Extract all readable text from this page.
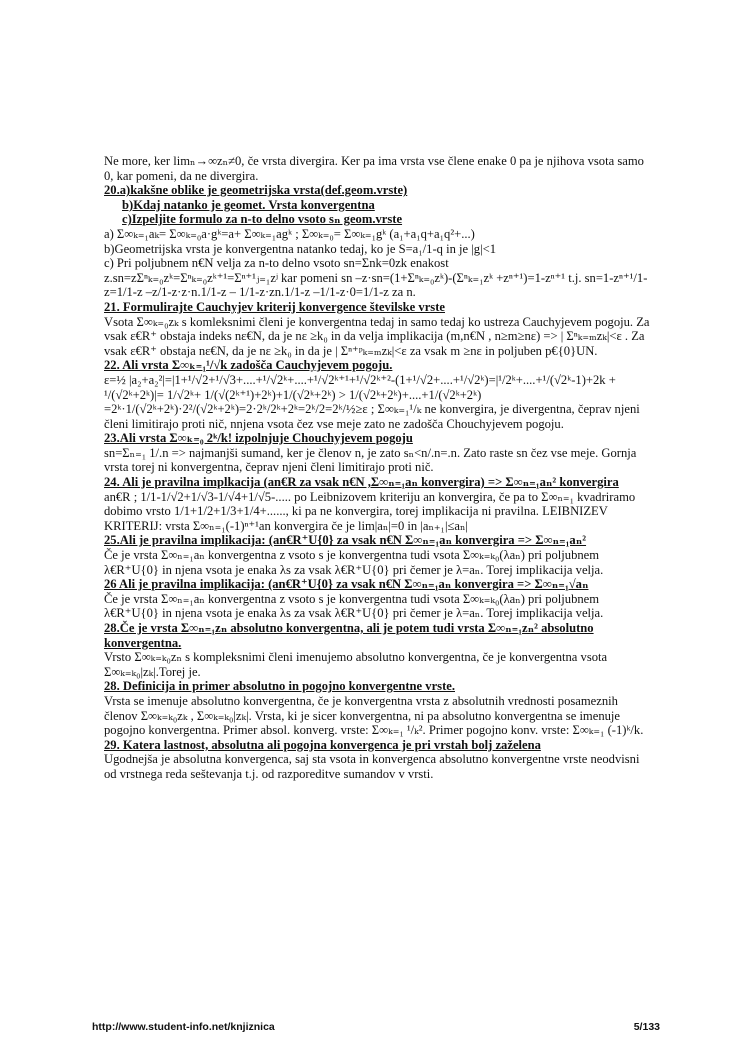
Ne more, ker limₙ→∞zₙ≠0, če vrsta divergira. Ker pa ima vrsta vse člene enake 0 pa je njihova vsota samo 0, kar pomeni, da ne divergira.

20.a)kakšne oblike je geometrijska vrsta(def.geom.vrste)

b)Kdaj natanko je geomet. Vrsta konvergentna

c)Izpeljite formulo za n-to delno vsoto sₙ geom.vrste

a) Σ∞ₖ₌₁aₖ= Σ∞ₖ₌₀a·gᵏ=a+ Σ∞ₖ₌₁agᵏ ; Σ∞ₖ₌₀= Σ∞ₖ₌₁gᵏ (a₁+a₁q+a₁q²+...)

b)Geometrijska vrsta je konvergentna natanko tedaj, ko je S=a₁/1-q in je |g|<1

c) Pri poljubnem n€N velja za n-to delno vsoto sn=Σnk=0zk enakost

z.sn=zΣⁿₖ₌₀zᵏ=Σⁿₖ₌₀zᵏ⁺¹=Σⁿ⁺¹ⱼ₌₁zʲ kar pomeni sn –z·sn=(1+Σⁿₖ₌₀zᵏ)-(Σⁿₖ₌₁zᵏ +zⁿ⁺¹)=1-zⁿ⁺¹ t.j. sn=1-zⁿ⁺¹/1-z=1/1-z –z/1-z·z·n.1/1-z – 1/1-z·zn.1/1-z –1/1-z·0=1/1-z za n.

21. Formulirajte Cauchyjev kriterij konvergence številske vrste

Vsota Σ∞ₖ₌₀zₖ s komleksnimi členi je konvergentna tedaj in samo tedaj ko ustreza Cauchyjevem pogoju. Za vsak ε€R⁺ obstaja indeks nε€N, da je nε ≥k₀ in da velja implikacija (m,n€N , n≥m≥nε) => | Σⁿₖ₌ₘzₖ|<ε . Za vsak ε€R⁺ obstaja nε€N, da je nε ≥k₀ in da je | Σⁿ⁺ᵖₖ₌ₘzₖ|<ε za vsak m ≥nε in poljuben p€{0}UN.

22. Ali vrsta Σ∞ₖ₌₁¹/√k zadošča Cauchyjevem pogoju.

ε=½ |a₂+a₂²|=|1+¹/√2+¹/√3+....+¹/√2ᵏ+....+¹/√2ᵏ⁺¹+¹/√2ᵏ⁺²-(1+¹/√2+....+¹/√2ᵏ)=|¹/2ᵏ+....+¹/(√2ᵏ-1)+2k + ¹/(√2ᵏ+2ᵏ)|= 1/√2ᵏ+ 1/(√(2ᵏ⁺¹)+2ᵏ)+1/(√2ᵏ+2ᵏ) > 1/(√2ᵏ+2ᵏ)+....+1/(√2ᵏ+2ᵏ) =2ᵏ·1/(√2ᵏ+2ᵏ)·2²/(√2ᵏ+2ᵏ)=2·2ᵏ/2ᵏ+2ᵏ=2ᵏ/2=2ᵏ/½≥ε ; Σ∞ₖ₌₁¹/ₖ ne konvergira, je divergentna, čeprav njeni členi limitirajo proti nič, nnjena vsota čez vse meje zato ne zadošča Chouchyjevem pogoju.

23.Ali vrsta Σ∞ₖ₌₀ 2ᵏ/k! izpolnjuje Chouchyjevem pogoju

sn=Σₙ₌₁ 1/.n => najmanjši sumand, ker je členov n, je zato sₙ<n/.n=.n. Zato raste sn čez vse meje. Gornja vrsta torej ni konvergentna, čeprav njeni členi limitirajo proti nič.

24. Ali je pravilna implkacija (an€R za vsak n€N ,Σ∞ₙ₌₁aₙ konvergira) => Σ∞ₙ₌₁aₙ² konvergira

an€R ; 1/1-1/√2+1/√3-1/√4+1/√5-..... po Leibnizovem kriteriju an konvergira, če pa to Σ∞ₙ₌₁ kvadriramo dobimo vrsto 1/1+1/2+1/3+1/4+......, ki pa ne konvergira, torej implikacija ni pravilna. LEIBNIZEV KRITERIJ: vrsta Σ∞ₙ₌₁(-1)ⁿ⁺¹an konvergira če je lim|aₙ|=0 in |aₙ₊₁|≤aₙ|

25.Ali je pravilna implikacija: (an€R⁺U{0} za vsak n€N Σ∞ₙ₌₁aₙ konvergira => Σ∞ₙ₌₁aₙ²

Če je vrsta Σ∞ₙ₌₁aₙ konvergentna z vsoto s je konvergentna tudi vsota Σ∞ₖ₌ₖ₀(λaₙ) pri poljubnem λ€R⁺U{0} in njena vsota je enaka λs za vsak λ€R⁺U{0} pri čemer je λ=aₙ. Torej implikacija velja.

26 Ali je pravilna implikacija: (an€R⁺U{0} za vsak n€N Σ∞ₙ₌₁aₙ konvergira => Σ∞ₙ₌₁√aₙ

Če je vrsta Σ∞ₙ₌₁aₙ konvergentna z vsoto s je konvergentna tudi vsota Σ∞ₖ₌ₖ₀(λaₙ) pri poljubnem λ€R⁺U{0} in njena vsota je enaka λs za vsak λ€R⁺U{0} pri čemer je λ=aₙ. Torej implikacija velja.

28.Če je vrsta Σ∞ₙ₌₁zₙ absolutno konvergentna, ali je potem tudi vrsta Σ∞ₙ₌₁zₙ² absolutno konvergentna.

Vrsto Σ∞ₖ₌ₖ₀zₙ s kompleksnimi členi imenujemo absolutno konvergentna, če je konvergentna vsota Σ∞ₖ₌ₖ₀|zₖ|.Torej je.

28. Definicija in primer absolutno in pogojno konvergentne vrste.

Vrsta se imenuje absolutno konvergentna, če je konvergentna vrsta z absolutnih vrednosti posameznih členov Σ∞ₖ₌ₖ₀zₖ , Σ∞ₖ₌ₖ₀|zₖ|. Vrsta, ki je sicer konvergentna, ni pa absolutno konvergentna se imenuje pogojno konvergentna. Primer absol. konverg. vrste: Σ∞ₖ₌₁ ¹/ₖ². Primer pogojno konv. vrste: Σ∞ₖ₌₁ (-1)ᵏ/k.

29. Katera lastnost, absolutna ali pogojna konvergenca je pri vrstah bolj zaželena

Ugodnejša je absolutna konvergenca, saj sta vsota in konvergenca absolutno konvergentne vrste neodvisni od vrstnega reda seštevanja t.j. od razporeditve sumandov v vrsti.

http://www.student-info.net/knjiznica	5/133
